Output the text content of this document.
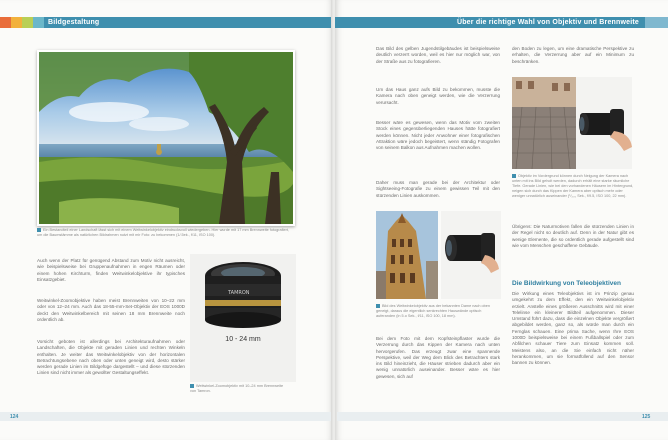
Bildgestaltung

Ein Bestandteil einer Landschaft lässt sich mit einem Weitwinkelobjektiv eindrucksvoll wiedergeben. Hier wurde mit 17 mm Brennweite fotografiert, um die Baumstämme als natürlichen Bildrahmen nutzt mit mir Foto: zu bekommen (1/.5ek., f/11, ISO 100).

Auch wenn der Platz für genügend Abstand zum Motiv nicht ausreicht, wie beispielsweise bei Gruppenaufnahmen in engen Räumen oder einem hohen Kirchturm, finden Weitwinkelobjektive ihr typisches Einsatzgebiet.

Weitwinkel-Zoomobjektive haben meist Brennweiten von 10–22 mm oder von 12–24 mm. Auch das 18-55-mm-Set-Objektiv der EOS 1000D deckt den Weitwinkelbereich mit seinen 18 mm Brennweite noch ordentlich ab.

Vorsicht geboten ist allerdings bei Architekturaufnahmen oder Landschaften, die Objekte mit geraden Linien und rechten Winkeln enthalten. Je weiter das Weitwinkelobjektiv von der horizontalen Betrachtungsebene nach oben oder unten geneigt wird, desto stärker werden gerade Linien im Bildgefüge dargestellt – und diese stürzenden Linien sind nicht immer als gewollter Gestaltungseffekt.

TAMRON
10 - 24 mm

Weitwinkel-Zoomobjektiv mit 10–24 mm Brennweite von Tamron.

124
Über die richtige Wahl von Objektiv und Brennweite

Das Bild des gelben Jugendstilgebäudes ist beispielsweise deutlich verzerrt worden, weil es hier nur möglich war, von der Straße aus zu fotografieren.

Um das Haus ganz aufs Bild zu bekommen, musste die Kamera nach oben geneigt werden, wie die Verzerrung verursacht.

Besser wäre es gewesen, wenn das Motiv vom zweiten Stock eines gegenüberliegenden Hauses hätte fotografiert werden können. Nicht jeder Anwohner einer fotografischen Attraktion wäre jedoch begeistert, wenn ständig Fotografen von seinem Balkon aus Aufnahmen machen wollen.

Daher muss man gerade bei der Architektur oder Sightseeing-Fotografie zu einem gewissen Teil mit den stürzenden Linien auskommen.

Bild des Weitwinkelobjektiv aus der bekannten Dame nach oben geneigt, daraus die eigentlich senkrechten Hauswände optisch auferanden (in 5.o Sek., f/11, ISO 100, 18 mm).

Bei dem Foto mit dem Kopfsteinpflaster wurde die Verzerrung durch das Kippen der Kamera nach unten hervorgerufen. Das erzeugt zwar eine spannende Perspektive, weil der Weg dem Blick des Betrachters stark ins Bild hineinzieht, die Häuser strieben dadurch aber ein wenig unnatürlich auseinander. Besser wäre es hier gewesen, sich auf

den Boden zu legen, um eine dramatische Perspektive zu erhalten, die Verzerrung aber auf ein Minimum zu beschränken.

Objektiv im Vordergrund können durch Neigung der Kamera nach unten mit ins Bild geholt werden, dadurch erhält eine starke räumliche Tiefe. Gerade Linien, wie bei den vorhandenen Häusern im Hintergrund, neigen sich durch das Kippen der Kamera aber optisch mehr oder weniger unnatürlich auseinander (¹/₂₀₀ Sek., f/9.5, ISO 100, 22 mm).

Übrigens: Die Naturmotiven fallen die stürzenden Linien in der Regel nicht so deutlich auf. Denn in der Natur gibt es wenige Elemente, die so ordentlich gerade aufgestellt sind wie vom Menschen geschaffene Gebäude.

Die Bildwirkung von Teleobjektiven

Die Wirkung eines Teleobjektivs ist im Prinzip genau umgekehrt zu dem Effekt, den ein Weitwinkelobjektiv erzielt. Anstelle eines größeren Ausschnitts wird mit einer Telelinse ein kleinerer Bildteil aufgenommen. Dieser Umstand führt dazu, dass die einzelnen Objekte vergrößert abgebildet werden, ganz so, als würde man durch ein Fernglas schauen. Eine prima Sache, wenn Ihre EOS 1000D beispielsweise bei einem Fußballspiel oder zum Abfilchen schauer Tiere zum Einsatz kommen soll. Meistens also, an die Sie einfach nicht näher herankommen, um sie formatfüllend auf den Sensor bannen zu können.

125
